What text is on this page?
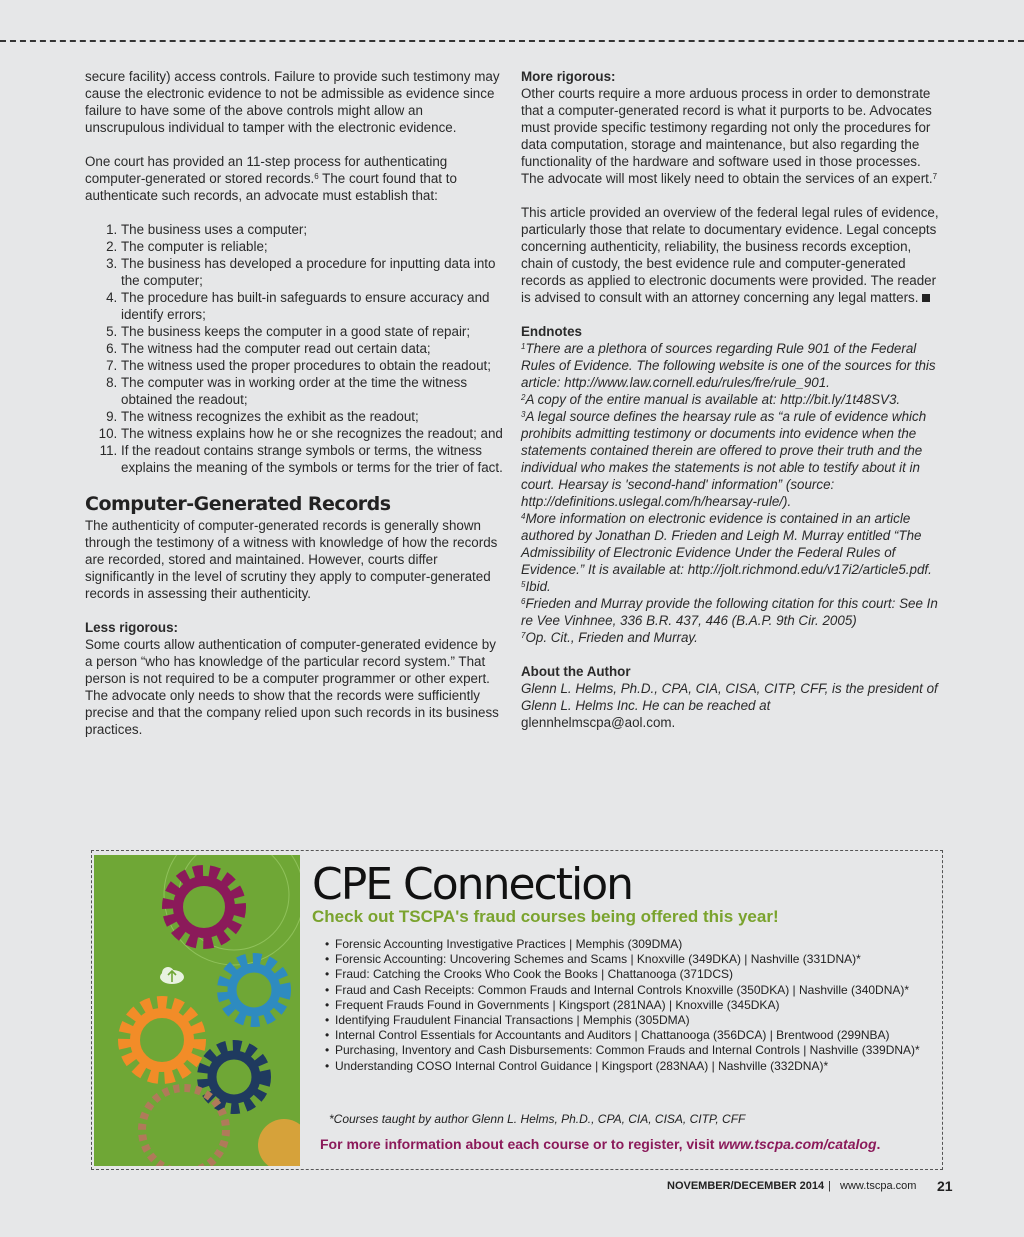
secure facility) access controls. Failure to provide such testimony may cause the electronic evidence to not be admissible as evidence since failure to have some of the above controls might allow an unscrupulous individual to tamper with the electronic evidence.

One court has provided an 11-step process for authenticating computer-generated or stored records.$^6$ The court found that to authenticate such records, an advocate must establish that:

1. The business uses a computer;
2. The computer is reliable;
3. The business has developed a procedure for inputting data into the computer;
4. The procedure has built-in safeguards to ensure accuracy and identify errors;
5. The business keeps the computer in a good state of repair;
6. The witness had the computer read out certain data;
7. The witness used the proper procedures to obtain the readout;
8. The computer was in working order at the time the witness obtained the readout;
9. The witness recognizes the exhibit as the readout;
10. The witness explains how he or she recognizes the readout; and
11. If the readout contains strange symbols or terms, the witness explains the meaning of the symbols or terms for the trier of fact.
Computer-Generated Records

The authenticity of computer-generated records is generally shown through the testimony of a witness with knowledge of how the records are recorded, stored and maintained. However, courts differ significantly in the level of scrutiny they apply to computer-generated records in assessing their authenticity.

Less rigorous:

Some courts allow authentication of computer-generated evidence by a person “who has knowledge of the particular record system.” That person is not required to be a computer programmer or other expert. The advocate only needs to show that the records were sufficiently precise and that the company relied upon such records in its business practices.

More rigorous:

Other courts require a more arduous process in order to demonstrate that a computer-generated record is what it purports to be. Advocates must provide specific testimony regarding not only the procedures for data computation, storage and maintenance, but also regarding the functionality of the hardware and software used in those processes. The advocate will most likely need to obtain the services of an expert.$^7$

This article provided an overview of the federal legal rules of evidence, particularly those that relate to documentary evidence. Legal concepts concerning authenticity, reliability, the business records exception, chain of custody, the best evidence rule and computer-generated records as applied to electronic documents were provided. The reader is advised to consult with an attorney concerning any legal matters.

Endnotes

$^1$There are a plethora of sources regarding Rule 901 of the Federal Rules of Evidence. The following website is one of the sources for this article: http://www.law.cornell.edu/rules/fre/rule_901.

$^2$A copy of the entire manual is available at: http://bit.ly/1t48SV3.

$^3$A legal source defines the hearsay rule as “a rule of evidence which prohibits admitting testimony or documents into evidence when the statements contained therein are offered to prove their truth and the individual who makes the statements is not able to testify about it in court. Hearsay is 'second-hand' information” (source: http://definitions.uslegal.com/h/hearsay-rule/).

$^4$More information on electronic evidence is contained in an article authored by Jonathan D. Frieden and Leigh M. Murray entitled “The Admissibility of Electronic Evidence Under the Federal Rules of Evidence.” It is available at: http://jolt.richmond.edu/v17i2/article5.pdf.

$^5$Ibid.

$^6$Frieden and Murray provide the following citation for this court: See In re Vee Vinhnee, 336 B.R. 437, 446 (B.A.P. 9th Cir. 2005)

$^7$Op. Cit., Frieden and Murray.

About the Author

Glenn L. Helms, Ph.D., CPA, CIA, CISA, CITP, CFF, is the president of Glenn L. Helms Inc. He can be reached at
glennhelmscpa@aol.com.

CPE Connection
Check out TSCPA's fraud courses being offered this year!
• Forensic Accounting Investigative Practices | Memphis (309DMA)
• Forensic Accounting: Uncovering Schemes and Scams | Knoxville (349DKA) | Nashville (331DNA)*
• Fraud: Catching the Crooks Who Cook the Books | Chattanooga (371DCS)
• Fraud and Cash Receipts: Common Frauds and Internal Controls Knoxville (350DKA) | Nashville (340DNA)*
• Frequent Frauds Found in Governments | Kingsport (281NAA) | Knoxville (345DKA)
• Identifying Fraudulent Financial Transactions | Memphis (305DMA)
• Internal Control Essentials for Accountants and Auditors | Chattanooga (356DCA) | Brentwood (299NBA)
• Purchasing, Inventory and Cash Disbursements: Common Frauds and Internal Controls | Nashville (339DNA)*
• Understanding COSO Internal Control Guidance | Kingsport (283NAA) | Nashville (332DNA)*
*Courses taught by author Glenn L. Helms, Ph.D., CPA, CIA, CISA, CITP, CFF
For more information about each course or to register, visit www.tscpa.com/catalog.
NOVEMBER/DECEMBER 2014 | www.tscpa.com 21
